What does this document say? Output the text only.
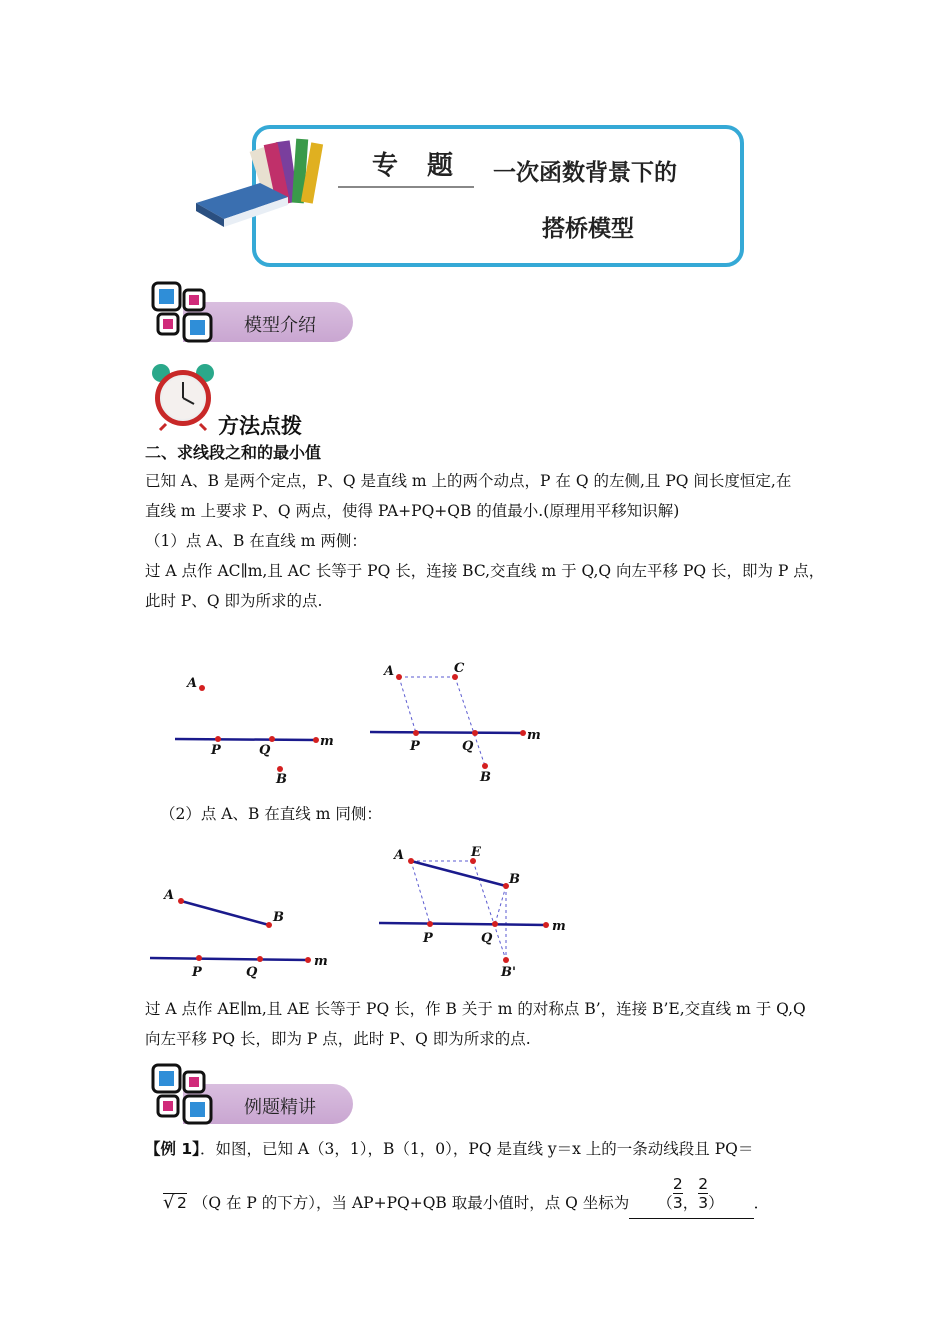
专 题 一次函数背景下的
搭桥模型
模型介绍
方法点拨
二、求线段之和的最小值
已知 A、B 是两个定点，P、Q 是直线 m 上的两个动点，P 在 Q 的左侧,且 PQ 间长度恒定,在
直线 m 上要求 P、Q 两点，使得 PA+PQ+QB 的值最小.(原理用平移知识解)
（1）点 A、B 在直线 m 两侧：
过 A 点作 AC∥m,且 AC 长等于 PQ 长，连接 BC,交直线 m 于 Q,Q 向左平移 PQ 长，即为 P 点，
此时 P、Q 即为所求的点.
A
P	Q
m
B
A	C
P	Q
m
B
（2）点 A、B 在直线 m 同侧：
A
B
P	Q
m
A	E
B
P	Q
m
B'
过 A 点作 AE∥m,且 AE 长等于 PQ 长，作 B 关于 m 的对称点 B’，连接 B’E,交直线 m 于 Q,Q
向左平移 PQ 长，即为 P 点，此时 P、Q 即为所求的点.
例题精讲
【例 1】．如图，已知 A（3，1），B（1，0），PQ 是直线 y＝x 上的一条动线段且 PQ＝
√ 2 （Q 在 P 的下方），当 AP+PQ+QB 取最小值时，点 Q 坐标为 （ $\frac{2}{3}$ ， $\frac{2}{3}$ ） ．
